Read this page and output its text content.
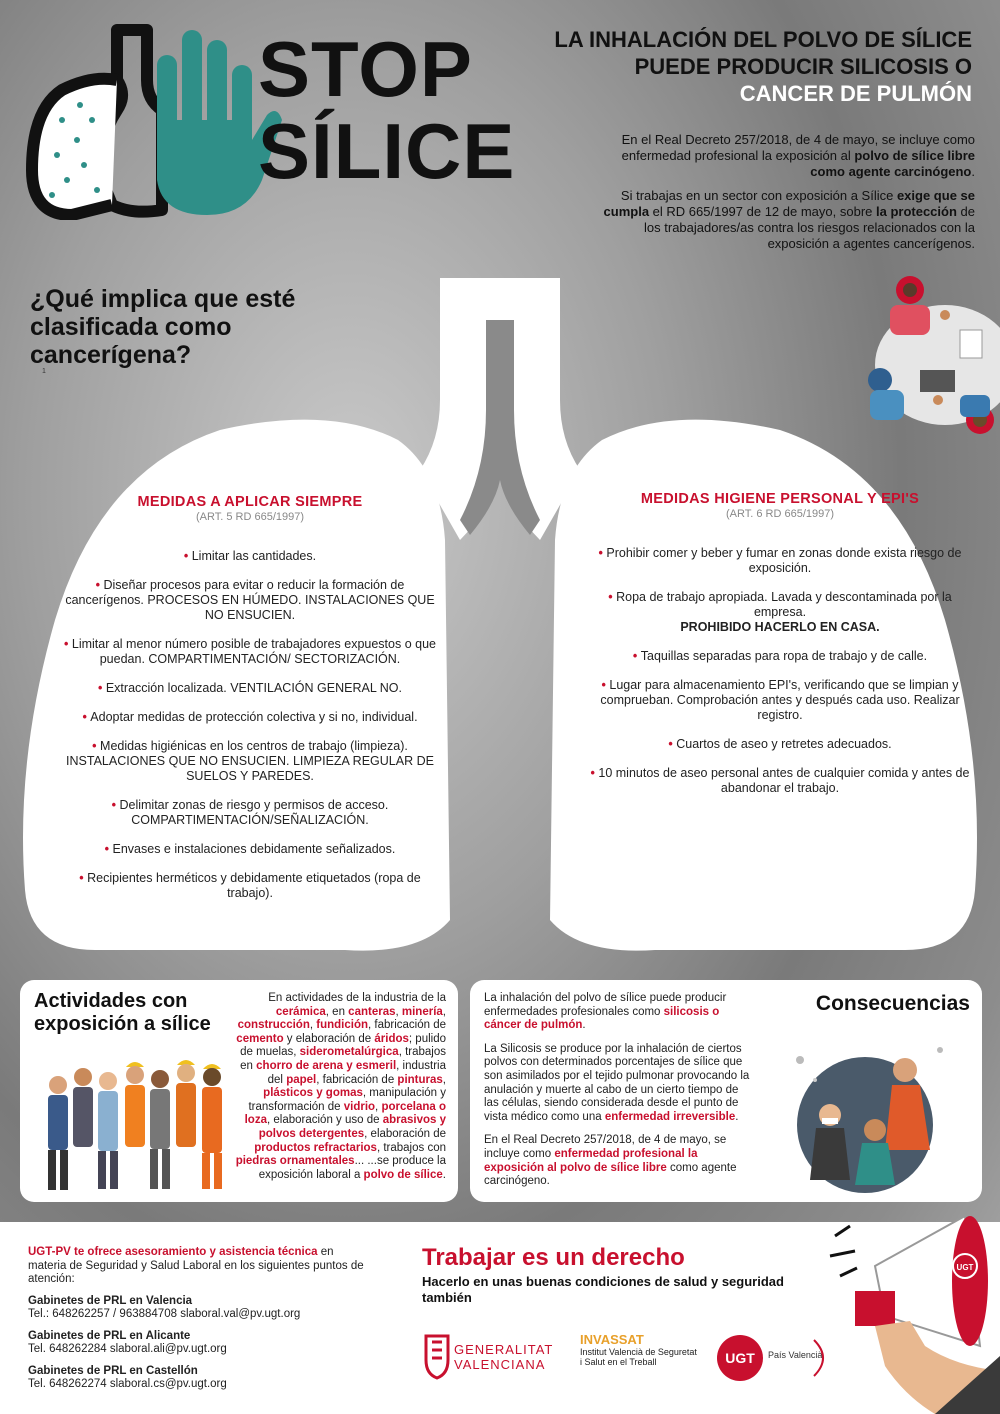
STOP
SÍLICE
LA INHALACIÓN DEL POLVO DE SÍLICE
PUEDE PRODUCIR SILICOSIS O
CANCER DE PULMÓN

En el Real Decreto 257/2018, de 4 de mayo, se incluye como enfermedad profesional la exposición al polvo de sílice libre como agente carcinógeno.

Si trabajas en un sector con exposición a Sílice exige que se cumpla el RD 665/1997 de 12 de mayo, sobre la protección de los trabajadores/as contra los riesgos relacionados con la exposición a agentes cancerígenos.

¿Qué implica que esté clasificada como cancerígena?
1
MEDIDAS A APLICAR SIEMPRE
(ART. 5 RD 665/1997)
• Limitar las cantidades.
• Diseñar procesos para evitar o reducir la formación de cancerígenos. PROCESOS EN HÚMEDO. INSTALACIONES QUE NO ENSUCIEN.
• Limitar al menor número posible de trabajadores expuestos o que puedan. COMPARTIMENTACIÓN/ SECTORIZACIÓN.
• Extracción localizada. VENTILACIÓN GENERAL NO.
• Adoptar medidas de protección colectiva y si no, individual.
• Medidas higiénicas en los centros de trabajo (limpieza). INSTALACIONES QUE NO ENSUCIEN. LIMPIEZA REGULAR DE SUELOS Y PAREDES.
• Delimitar zonas de riesgo y permisos de acceso. COMPARTIMENTACIÓN/SEÑALIZACIÓN.
• Envases e instalaciones debidamente señalizados.
• Recipientes herméticos y debidamente etiquetados (ropa de trabajo).
MEDIDAS HIGIENE PERSONAL Y EPI'S
(ART. 6 RD 665/1997)
• Prohibir comer y beber y fumar en zonas donde exista riesgo de exposición.
• Ropa de trabajo apropiada. Lavada y descontaminada por la empresa.
PROHIBIDO HACERLO EN CASA.
• Taquillas separadas para ropa de trabajo y de calle.
• Lugar para almacenamiento EPI's, verificando que se limpian y comprueban. Comprobación antes y después cada uso. Realizar registro.
• Cuartos de aseo y retretes adecuados.
• 10 minutos de aseo personal antes de cualquier comida y antes de abandonar el trabajo.
Actividades con exposición a sílice
En actividades de la industria de la cerámica, en canteras, minería, construcción, fundición, fabricación de cemento y elaboración de áridos; pulido de muelas, siderometalúrgica, trabajos en chorro de arena y esmeril, industria del papel, fabricación de pinturas, plásticos y gomas, manipulación y transformación de vidrio, porcelana o loza, elaboración y uso de abrasivos y polvos detergentes, elaboración de productos refractarios, trabajos con piedras ornamentales... ...se produce la exposición laboral a polvo de sílice.

La inhalación del polvo de sílice puede producir enfermedades profesionales como silicosis o cáncer de pulmón.

La Silicosis se produce por la inhalación de ciertos polvos con determinados porcentajes de sílice que son asimilados por el tejido pulmonar provocando la anulación y muerte al cabo de un cierto tiempo de las células, siendo considerada desde el punto de vista médico como una enfermedad irreversible.

En el Real Decreto 257/2018, de 4 de mayo, se incluye como enfermedad profesional la exposición al polvo de sílice libre como agente carcinógeno.

Consecuencias
UGT-PV te ofrece asesoramiento y asistencia técnica en materia de Seguridad y Salud Laboral en los siguientes puntos de atención:
Gabinetes de PRL en Valencia
Tel.: 648262257 / 963884708 slaboral.val@pv.ugt.org
Gabinetes de PRL en Alicante
Tel. 648262284 slaboral.ali@pv.ugt.org
Gabinetes de PRL en Castellón
Tel. 648262274 slaboral.cs@pv.ugt.org
Trabajar es un derecho
Hacerlo en unas buenas condiciones de salud y seguridad también
GENERALITAT
VALENCIANA
INVASSAT
Institut Valencià de Seguretat i Salut en el Treball	UGT País Valencià
UGT
